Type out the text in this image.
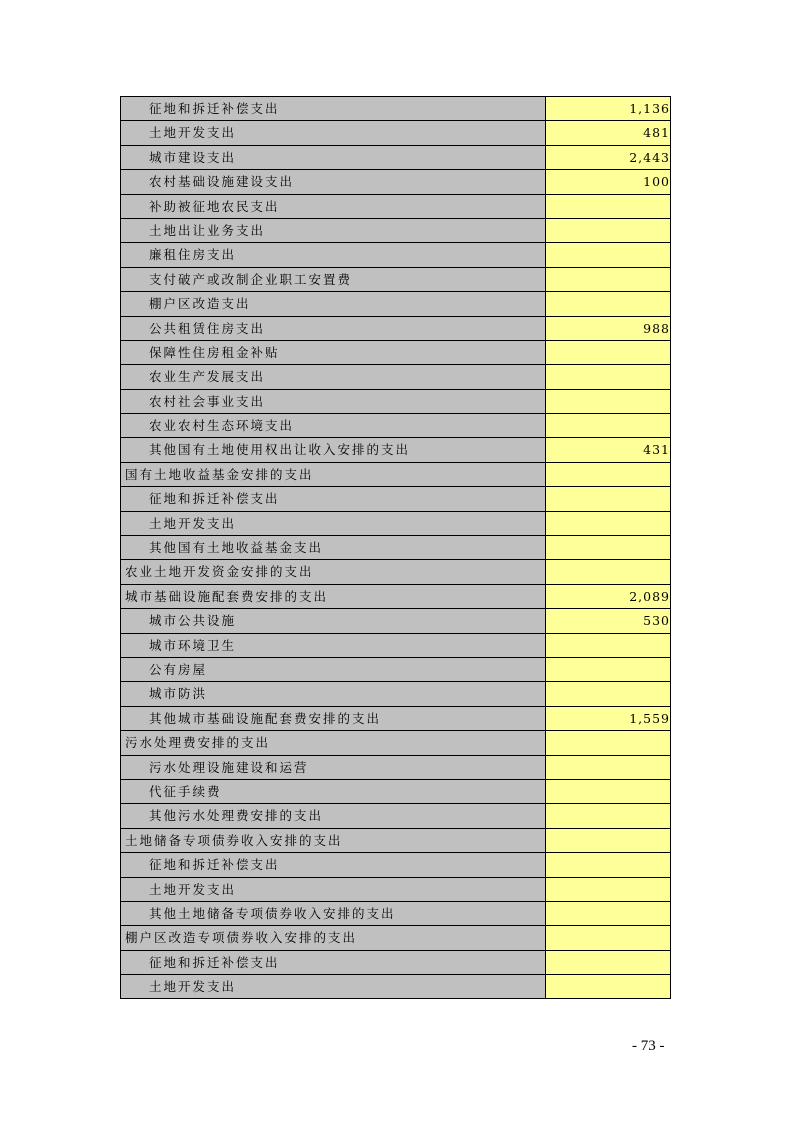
征地和拆迁补偿支出	1,136
土地开发支出	481
城市建设支出	2,443
农村基础设施建设支出	100
补助被征地农民支出
土地出让业务支出
廉租住房支出
支付破产或改制企业职工安置费
棚户区改造支出
公共租赁住房支出	988
保障性住房租金补贴
农业生产发展支出
农村社会事业支出
农业农村生态环境支出
其他国有土地使用权出让收入安排的支出	431
国有土地收益基金安排的支出
征地和拆迁补偿支出
土地开发支出
其他国有土地收益基金支出
农业土地开发资金安排的支出
城市基础设施配套费安排的支出	2,089
城市公共设施	530
城市环境卫生
公有房屋
城市防洪
其他城市基础设施配套费安排的支出	1,559
污水处理费安排的支出
污水处理设施建设和运营
代征手续费
其他污水处理费安排的支出
土地储备专项债券收入安排的支出
征地和拆迁补偿支出
土地开发支出
其他土地储备专项债券收入安排的支出
棚户区改造专项债券收入安排的支出
征地和拆迁补偿支出
土地开发支出
- 73 -
